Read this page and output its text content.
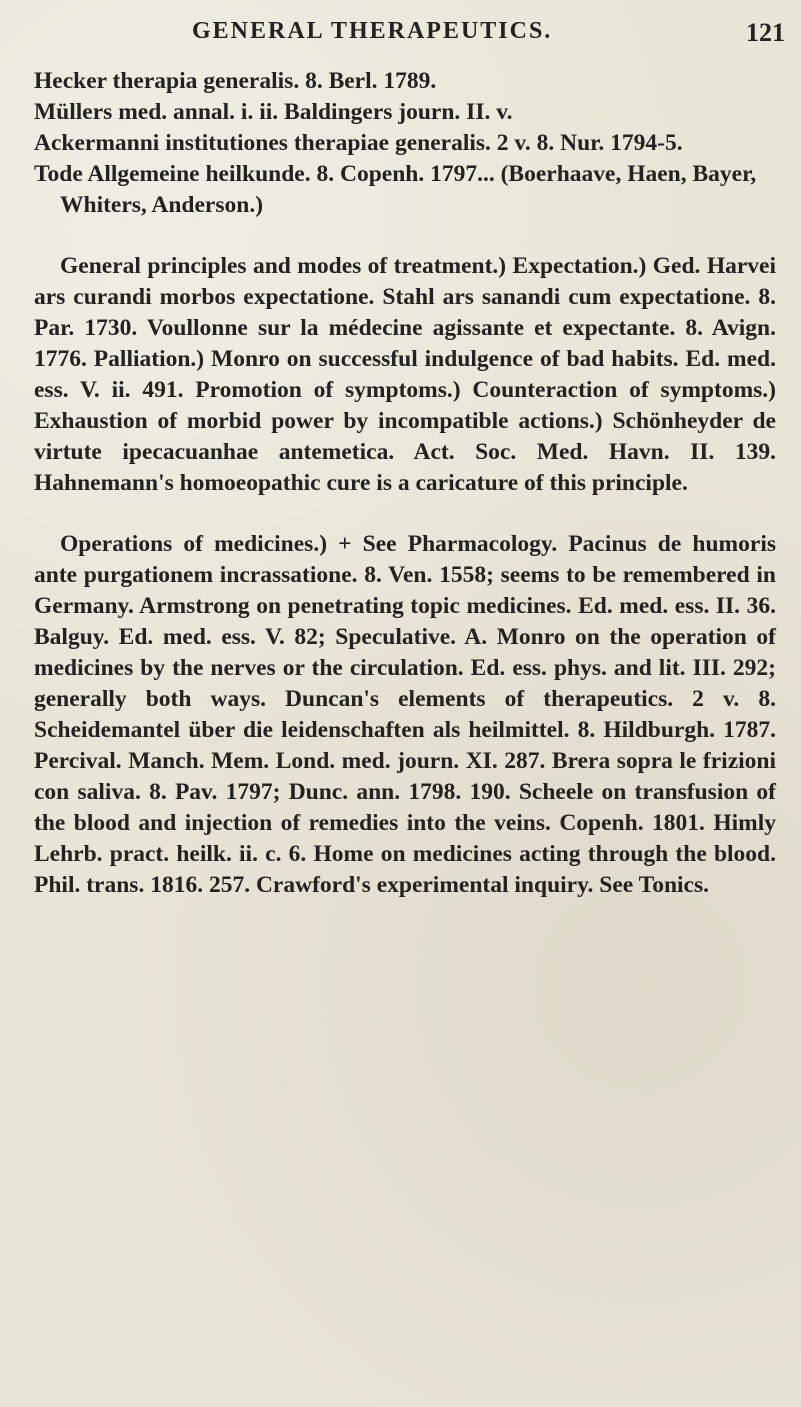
GENERAL THERAPEUTICS.	121

Hecker therapia generalis. 8. Berl. 1789.

Müllers med. annal. i. ii. Baldingers journ. II. v.

Ackermanni institutiones therapiae generalis. 2 v. 8. Nur. 1794-5.

Tode Allgemeine heilkunde. 8. Copenh. 1797... (Boerhaave, Haen, Bayer, Whiters, Anderson.)

General principles and modes of treatment.) Expectation.) Ged. Harvei ars curandi morbos expectatione. Stahl ars sanandi cum expectatione. 8. Par. 1730. Voullonne sur la médecine agissante et expectante. 8. Avign. 1776. Palliation.) Monro on successful indulgence of bad habits. Ed. med. ess. V. ii. 491. Promotion of symptoms.) Counteraction of symptoms.) Exhaustion of morbid power by incompatible actions.) Schönheyder de virtute ipecacuanhae antemetica. Act. Soc. Med. Havn. II. 139. Hahnemann's homoeopathic cure is a caricature of this principle.

Operations of medicines.) + See Pharmacology. Pacinus de humoris ante purgationem incrassatione. 8. Ven. 1558; seems to be remembered in Germany. Armstrong on penetrating topic medicines. Ed. med. ess. II. 36. Balguy. Ed. med. ess. V. 82; Speculative. A. Monro on the operation of medicines by the nerves or the circulation. Ed. ess. phys. and lit. III. 292; generally both ways. Duncan's elements of therapeutics. 2 v. 8. Scheidemantel über die leidenschaften als heilmittel. 8. Hildburgh. 1787. Percival. Manch. Mem. Lond. med. journ. XI. 287. Brera sopra le frizioni con saliva. 8. Pav. 1797; Dunc. ann. 1798. 190. Scheele on transfusion of the blood and injection of remedies into the veins. Copenh. 1801. Himly Lehrb. pract. heilk. ii. c. 6. Home on medicines acting through the blood. Phil. trans. 1816. 257. Crawford's experimental inquiry. See Tonics.
